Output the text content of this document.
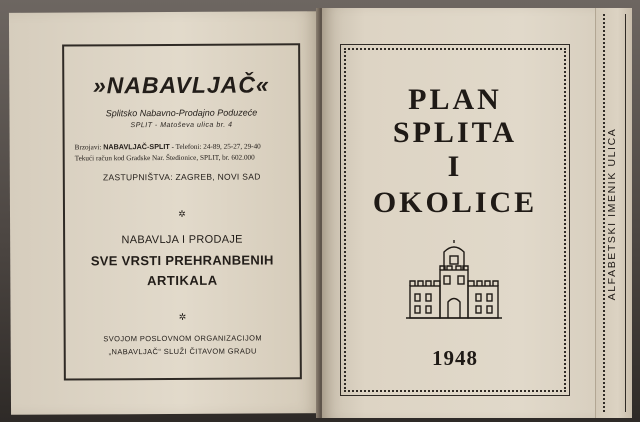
»NABAVLJAČ«
Splitsko Nabavno-Prodajno Poduzeće
SPLIT - Matoševa ulica br. 4
Brzojavi: NABAVLJAČ-SPLIT - Telefoni: 24-89, 25-27, 29-40
Tekući račun kod Gradske Nar. Štedionice, SPLIT, br. 602.000
ZASTUPNIŠTVA: ZAGREB, NOVI SAD
✲
NABAVLJA I PRODAJE
SVE VRSTI PREHRANBENIH
ARTIKALA
✲
SVOJOM POSLOVNOM ORGANIZACIJOM
„NABAVLJAČ“ SLUŽI ČITAVOM GRADU
PLAN
SPLITA
I
OKOLICE
1948
ALFABETSKI IMENIK ULICA
